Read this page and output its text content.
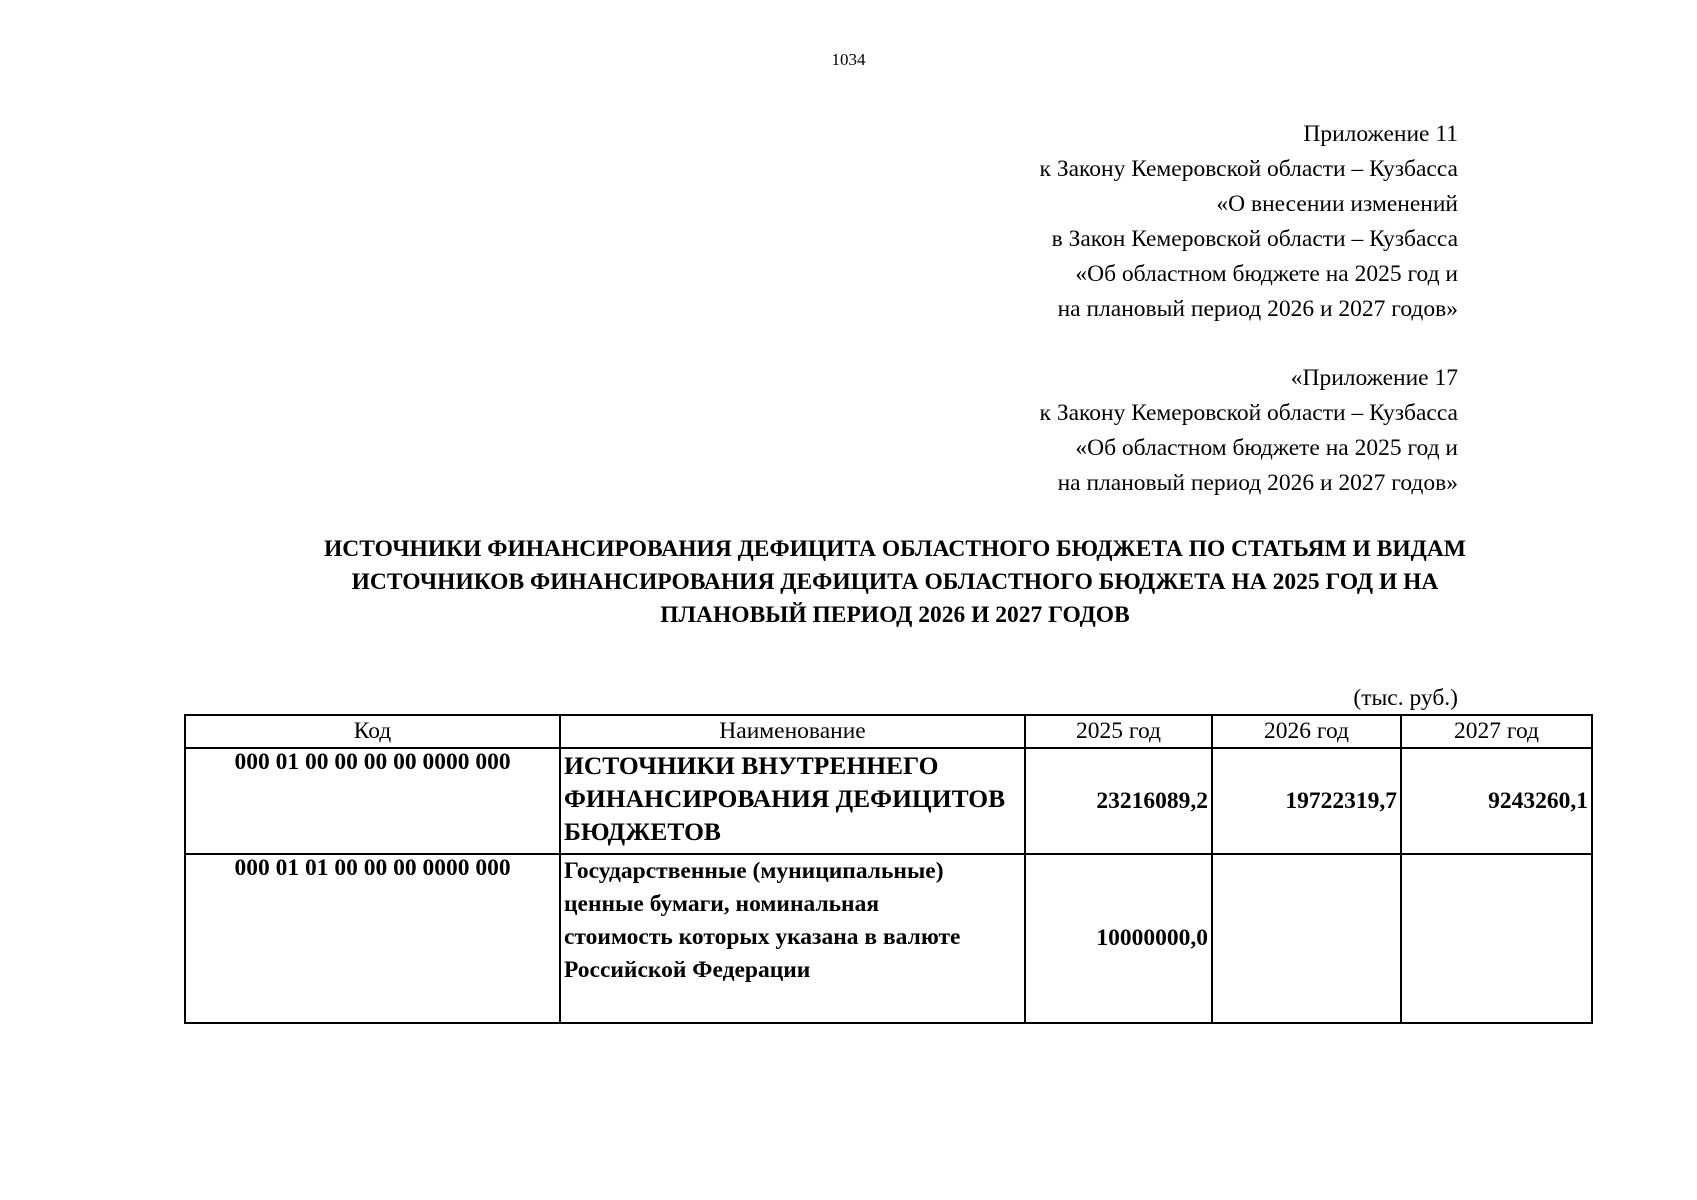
1034
Приложение 11
к Закону Кемеровской области – Кузбасса
«О внесении изменений
в Закон Кемеровской области – Кузбасса
«Об областном бюджете на 2025 год и
на плановый период 2026 и 2027 годов»
«Приложение 17
к Закону Кемеровской области – Кузбасса
«Об областном бюджете на 2025 год и
на плановый период 2026 и 2027 годов»
ИСТОЧНИКИ ФИНАНСИРОВАНИЯ ДЕФИЦИТА ОБЛАСТНОГО БЮДЖЕТА ПО СТАТЬЯМ И ВИДАМ
ИСТОЧНИКОВ ФИНАНСИРОВАНИЯ ДЕФИЦИТА ОБЛАСТНОГО БЮДЖЕТА НА 2025 ГОД И НА
ПЛАНОВЫЙ ПЕРИОД 2026 И 2027 ГОДОВ
(тыс. руб.)
Код	Наименование	2025 год	2026 год	2027 год
000 01 00 00 00 00 0000 000	ИСТОЧНИКИ ВНУТРЕННЕГО
ФИНАНСИРОВАНИЯ ДЕФИЦИТОВ
БЮДЖЕТОВ	23216089,2	19722319,7	9243260,1
000 01 01 00 00 00 0000 000	Государственные (муниципальные)
ценные бумаги, номинальная
стоимость которых указана в валюте
Российской Федерации	10000000,0		
